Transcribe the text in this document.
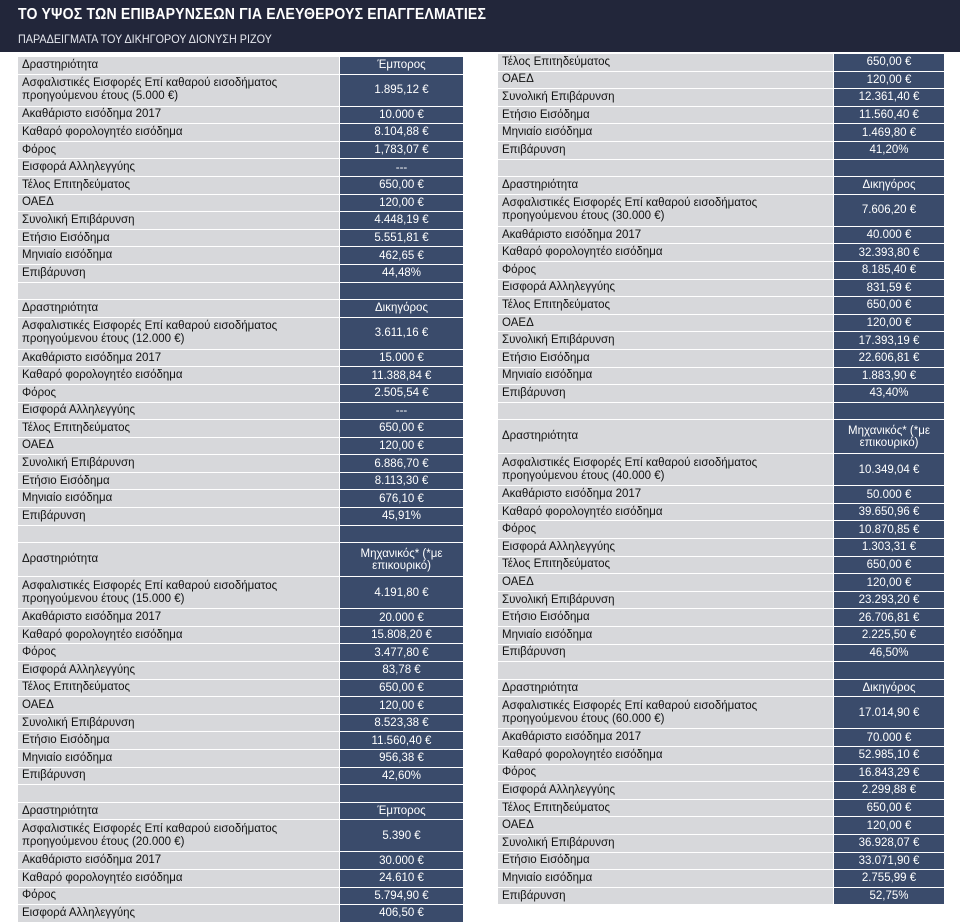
ΤΟ ΥΨΟΣ ΤΩΝ ΕΠΙΒΑΡΥΝΣΕΩΝ ΓΙΑ ΕΛΕΥΘΕΡΟΥΣ ΕΠΑΓΓΕΛΜΑΤΙΕΣ
ΠΑΡΑΔΕΙΓΜΑΤΑ ΤΟΥ ΔΙΚΗΓΟΡΟΥ ΔΙΟΝΥΣΗ ΡΙΖΟΥ
Δραστηριότητα	Έμπορος
Ασφαλιστικές Εισφορές Επί καθαρού εισοδήματος προηγούμενου έτους (5.000 €)	1.895,12 €
Ακαθάριστο εισόδημα 2017	10.000 €
Καθαρό φορολογητέο εισόδημα	8.104,88 €
Φόρος	1,783,07 €
Εισφορά Αλληλεγγύης	---
Τέλος Επιτηδεύματος	650,00 €
ΟΑΕΔ	120,00 €
Συνολική Επιβάρυνση	4.448,19 €
Ετήσιο Εισόδημα	5.551,81 €
Μηνιαίο εισόδημα	462,65 €
Επιβάρυνση	44,48%
Δραστηριότητα	Δικηγόρος
Ασφαλιστικές Εισφορές Επί καθαρού εισοδήματος προηγούμενου έτους (12.000 €)	3.611,16 €
Ακαθάριστο εισόδημα 2017	15.000 €
Καθαρό φορολογητέο εισόδημα	11.388,84 €
Φόρος	2.505,54 €
Εισφορά Αλληλεγγύης	---
Τέλος Επιτηδεύματος	650,00 €
ΟΑΕΔ	120,00 €
Συνολική Επιβάρυνση	6.886,70 €
Ετήσιο Εισόδημα	8.113,30 €
Μηνιαίο εισόδημα	676,10 €
Επιβάρυνση	45,91%
Δραστηριότητα	Μηχανικός* (*με επικουρικό)
Ασφαλιστικές Εισφορές Επί καθαρού εισοδήματος προηγούμενου έτους (15.000 €)	4.191,80 €
Ακαθάριστο εισόδημα 2017	20.000 €
Καθαρό φορολογητέο εισόδημα	15.808,20 €
Φόρος	3.477,80 €
Εισφορά Αλληλεγγύης	83,78 €
Τέλος Επιτηδεύματος	650,00 €
ΟΑΕΔ	120,00 €
Συνολική Επιβάρυνση	8.523,38 €
Ετήσιο Εισόδημα	11.560,40 €
Μηνιαίο εισόδημα	956,38 €
Επιβάρυνση	42,60%
Δραστηριότητα	Έμπορος
Ασφαλιστικές Εισφορές Επί καθαρού εισοδήματος προηγούμενου έτους (20.000 €)	5.390 €
Ακαθάριστο εισόδημα 2017	30.000 €
Καθαρό φορολογητέο εισόδημα	24.610 €
Φόρος	5.794,90 €
Εισφορά Αλληλεγγύης	406,50 €
Τέλος Επιτηδεύματος	650,00 €
ΟΑΕΔ	120,00 €
Συνολική Επιβάρυνση	12.361,40 €
Ετήσιο Εισόδημα	11.560,40 €
Μηνιαίο εισόδημα	1.469,80 €
Επιβάρυνση	41,20%
Δραστηριότητα	Δικηγόρος
Ασφαλιστικές Εισφορές Επί καθαρού εισοδήματος προηγούμενου έτους (30.000 €)	7.606,20 €
Ακαθάριστο εισόδημα 2017	40.000 €
Καθαρό φορολογητέο εισόδημα	32.393,80 €
Φόρος	8.185,40 €
Εισφορά Αλληλεγγύης	831,59 €
Τέλος Επιτηδεύματος	650,00 €
ΟΑΕΔ	120,00 €
Συνολική Επιβάρυνση	17.393,19 €
Ετήσιο Εισόδημα	22.606,81 €
Μηνιαίο εισόδημα	1.883,90 €
Επιβάρυνση	43,40%
Δραστηριότητα	Μηχανικός* (*με επικουρικό)
Ασφαλιστικές Εισφορές Επί καθαρού εισοδήματος προηγούμενου έτους (40.000 €)	10.349,04 €
Ακαθάριστο εισόδημα 2017	50.000 €
Καθαρό φορολογητέο εισόδημα	39.650,96 €
Φόρος	10.870,85 €
Εισφορά Αλληλεγγύης	1.303,31 €
Τέλος Επιτηδεύματος	650,00 €
ΟΑΕΔ	120,00 €
Συνολική Επιβάρυνση	23.293,20 €
Ετήσιο Εισόδημα	26.706,81 €
Μηνιαίο εισόδημα	2.225,50 €
Επιβάρυνση	46,50%
Δραστηριότητα	Δικηγόρος
Ασφαλιστικές Εισφορές Επί καθαρού εισοδήματος προηγούμενου έτους (60.000 €)	17.014,90 €
Ακαθάριστο εισόδημα 2017	70.000 €
Καθαρό φορολογητέο εισόδημα	52.985,10 €
Φόρος	16.843,29 €
Εισφορά Αλληλεγγύης	2.299,88 €
Τέλος Επιτηδεύματος	650,00 €
ΟΑΕΔ	120,00 €
Συνολική Επιβάρυνση	36.928,07 €
Ετήσιο Εισόδημα	33.071,90 €
Μηνιαίο εισόδημα	2.755,99 €
Επιβάρυνση	52,75%
